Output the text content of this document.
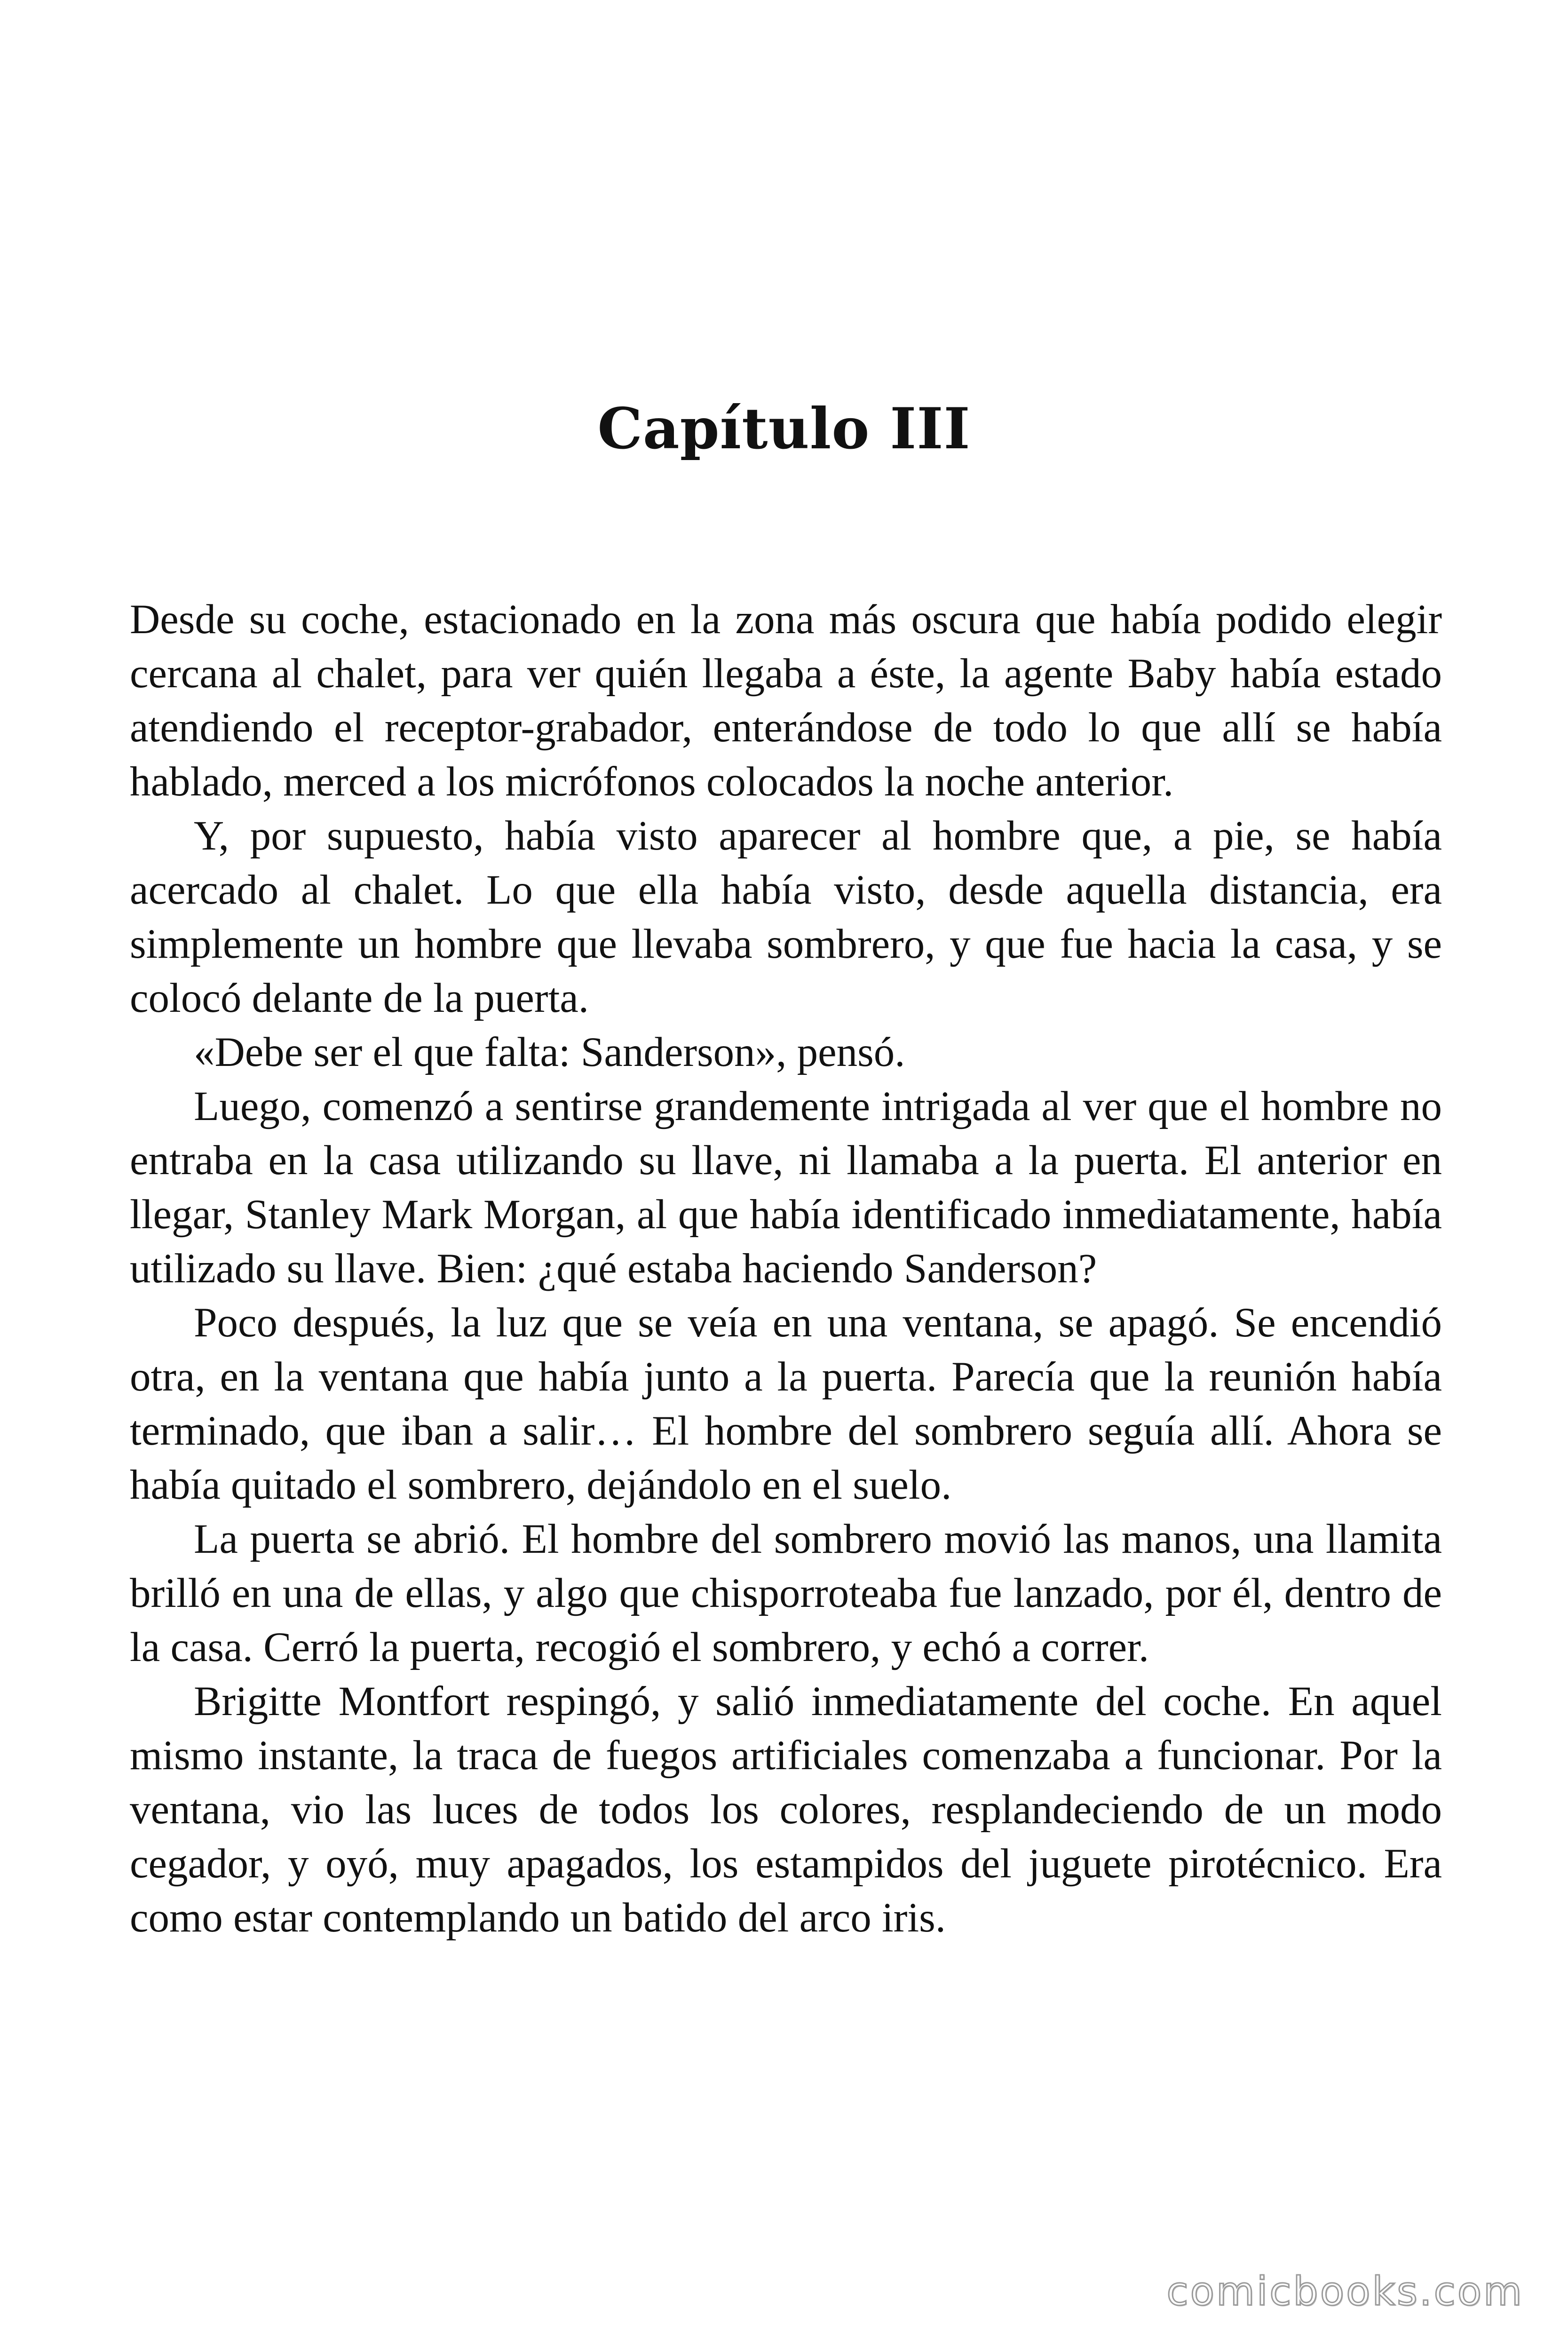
Capítulo III

Desde su coche, estacionado en la zona más oscura que había podido elegir cercana al chalet, para ver quién llegaba a éste, la agente Baby había estado atendiendo el receptor-grabador, enterándose de todo lo que allí se había hablado, merced a los micrófonos colocados la noche anterior.

Y, por supuesto, había visto aparecer al hombre que, a pie, se había acercado al chalet. Lo que ella había visto, desde aquella distancia, era simplemente un hombre que llevaba sombrero, y que fue hacia la casa, y se colocó delante de la puerta.

«Debe ser el que falta: Sanderson», pensó.

Luego, comenzó a sentirse grandemente intrigada al ver que el hombre no entraba en la casa utilizando su llave, ni llamaba a la puerta. El anterior en llegar, Stanley Mark Morgan, al que había identificado inmediatamente, había utilizado su llave. Bien: ¿qué estaba haciendo Sanderson?

Poco después, la luz que se veía en una ventana, se apagó. Se encendió otra, en la ventana que había junto a la puerta. Parecía que la reunión había terminado, que iban a salir… El hombre del sombrero seguía allí. Ahora se había quitado el sombrero, dejándolo en el suelo.

La puerta se abrió. El hombre del sombrero movió las manos, una llamita brilló en una de ellas, y algo que chisporroteaba fue lanzado, por él, dentro de la casa. Cerró la puerta, recogió el sombrero, y echó a correr.

Brigitte Montfort respingó, y salió inmediatamente del coche. En aquel mismo instante, la traca de fuegos artificiales comenzaba a funcionar. Por la ventana, vio las luces de todos los colores, resplandeciendo de un modo cegador, y oyó, muy apagados, los estampidos del juguete pirotécnico. Era como estar contemplando un batido del arco iris.

comicbooks.com
